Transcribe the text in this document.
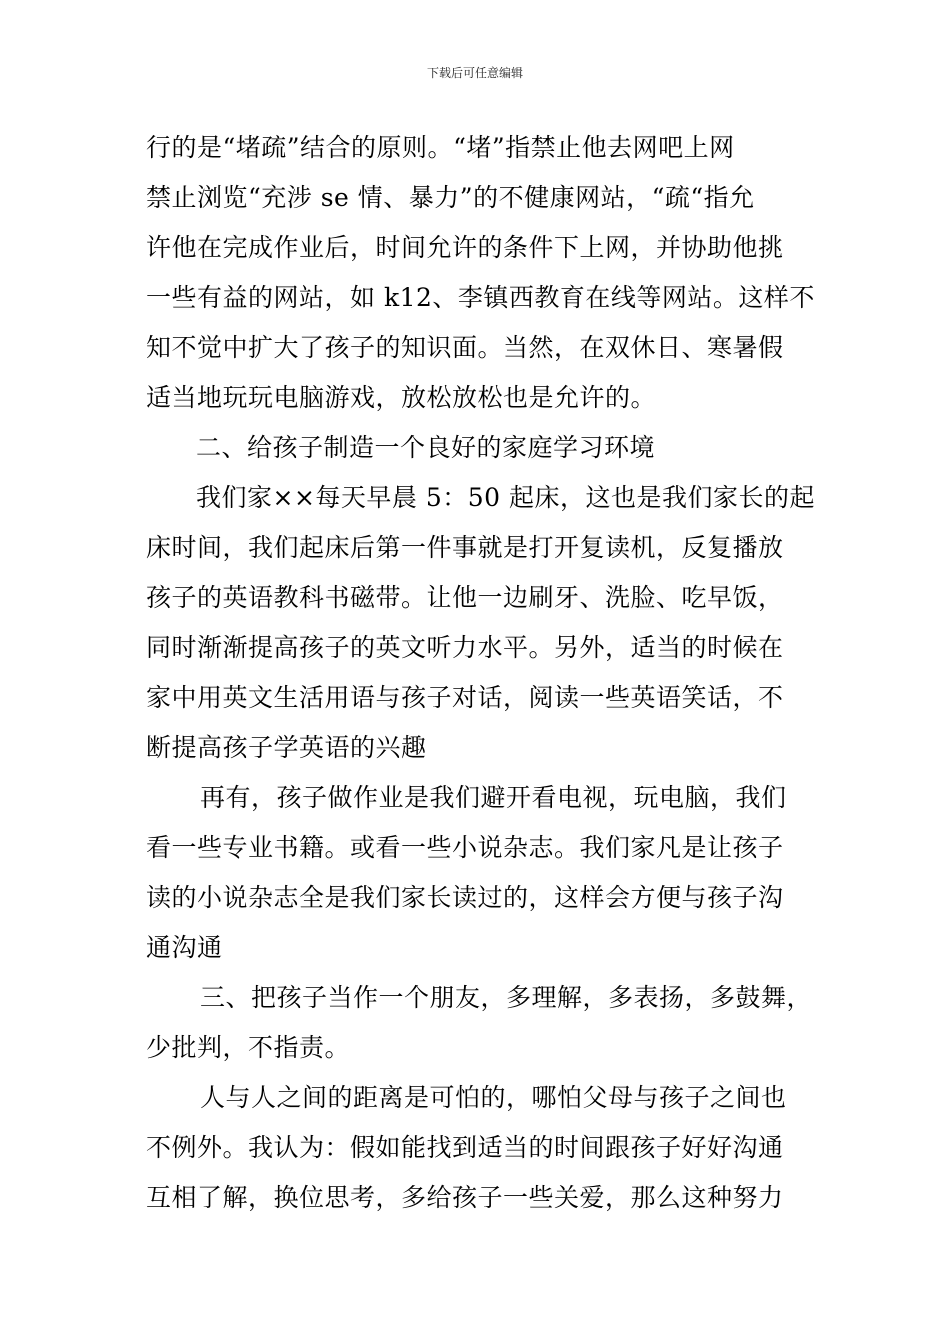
下载后可任意编辑
行的是“堵疏”结合的原则。“堵”指禁止他去网吧上网
禁止浏览“充涉 se 情、暴力”的不健康网站，“疏“指允
许他在完成作业后，时间允许的条件下上网，并协助他挑
一些有益的网站，如 k12、李镇西教育在线等网站。这样不
知不觉中扩大了孩子的知识面。当然，在双休日、寒暑假
适当地玩玩电脑游戏，放松放松也是允许的。
二、给孩子制造一个良好的家庭学习环境
我们家××每天早晨 5：50 起床，这也是我们家长的起
床时间，我们起床后第一件事就是打开复读机，反复播放
孩子的英语教科书磁带。让他一边刷牙、洗脸、吃早饭，
同时渐渐提高孩子的英文听力水平。另外，适当的时候在
家中用英文生活用语与孩子对话，阅读一些英语笑话，不
断提高孩子学英语的兴趣
再有，孩子做作业是我们避开看电视，玩电脑，我们
看一些专业书籍。或看一些小说杂志。我们家凡是让孩子
读的小说杂志全是我们家长读过的，这样会方便与孩子沟
通沟通
三、把孩子当作一个朋友，多理解，多表扬，多鼓舞，
少批判，不指责。
人与人之间的距离是可怕的，哪怕父母与孩子之间也
不例外。我认为：假如能找到适当的时间跟孩子好好沟通
互相了解，换位思考，多给孩子一些关爱，那么这种努力
